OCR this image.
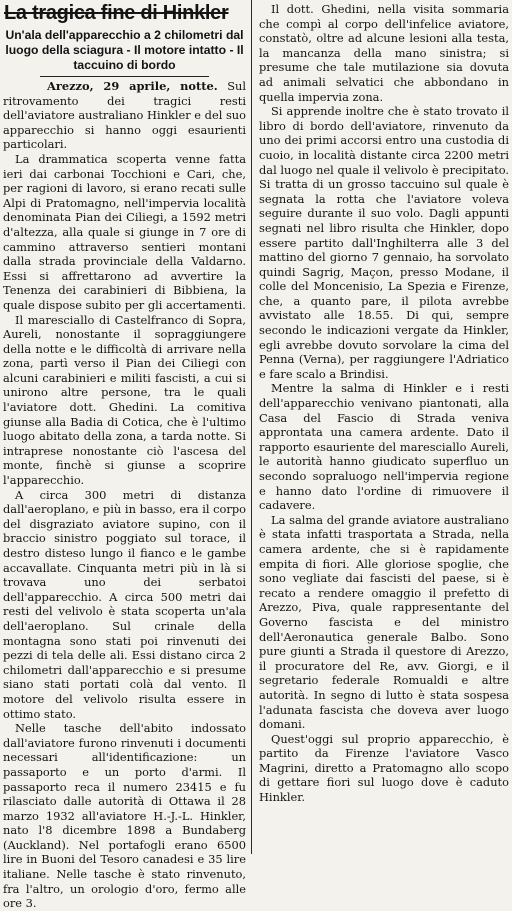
La tragica fine di Hinkler
Un'ala dell'apparecchio a 2 chilometri dal luogo della sciagura - Il motore intatto - Il taccuino di bordo

Arezzo, 29 aprile, notte. Sul ritrovamento dei tragici resti dell'aviatore australiano Hinkler e del suo apparecchio si hanno oggi esaurienti particolari.

La drammatica scoperta venne fatta ieri dai carbonai Tocchioni e Cari, che, per ragioni di lavoro, si erano recati sulle Alpi di Pratomagno, nell'impervia località denominata Pian dei Ciliegi, a 1592 metri d'altezza, alla quale si giunge in 7 ore di cammino attraverso sentieri montani dalla strada provinciale della Valdarno. Essi si affrettarono ad avvertire la Tenenza dei carabinieri di Bibbiena, la quale dispose subito per gli accertamenti.

Il maresciallo di Castelfranco di Sopra, Aureli, nonostante il sopraggiungere della notte e le difficoltà di arrivare nella zona, partì verso il Pian dei Ciliegi con alcuni carabinieri e militi fascisti, a cui si unirono altre persone, tra le quali l'aviatore dott. Ghedini. La comitiva giunse alla Badia di Cotica, che è l'ultimo luogo abitato della zona, a tarda notte. Si intraprese nonostante ciò l'ascesa del monte, finchè si giunse a scoprire l'apparecchio.

A circa 300 metri di distanza dall'aeroplano, e più in basso, era il corpo del disgraziato aviatore supino, con il braccio sinistro poggiato sul torace, il destro disteso lungo il fianco e le gambe accavallate. Cinquanta metri più in là si trovava uno dei serbatoi dell'apparecchio. A circa 500 metri dai resti del velivolo è stata scoperta un'ala dell'aeroplano. Sul crinale della montagna sono stati poi rinvenuti dei pezzi di tela delle ali. Essi distano circa 2 chilometri dall'apparecchio e si presume siano stati portati colà dal vento. Il motore del velivolo risulta essere in ottimo stato.

Nelle tasche dell'abito indossato dall'aviatore furono rinvenuti i documenti necessari all'identificazione: un passaporto e un porto d'armi. Il passaporto reca il numero 23415 e fu rilasciato dalle autorità di Ottawa il 28 marzo 1932 all'aviatore H.-J.-L. Hinkler, nato l'8 dicembre 1898 a Bundaberg (Auckland). Nel portafogli erano 6500 lire in Buoni del Tesoro canadesi e 35 lire italiane. Nelle tasche è stato rinvenuto, fra l'altro, un orologio d'oro, fermo alle ore 3.

Il dott. Ghedini, nella visita sommaria che compì al corpo dell'infelice aviatore, constatò, oltre ad alcune lesioni alla testa, la mancanza della mano sinistra; si presume che tale mutilazione sia dovuta ad animali selvatici che abbondano in quella impervia zona.

Si apprende inoltre che è stato trovato il libro di bordo dell'aviatore, rinvenuto da uno dei primi accorsi entro una custodia di cuoio, in località distante circa 2200 metri dal luogo nel quale il velivolo è precipitato. Si tratta di un grosso taccuino sul quale è segnata la rotta che l'aviatore voleva seguire durante il suo volo. Dagli appunti segnati nel libro risulta che Hinkler, dopo essere partito dall'Inghilterra alle 3 del mattino del giorno 7 gennaio, ha sorvolato quindi Sagrig, Maçon, presso Modane, il colle del Moncenisio, La Spezia e Firenze, che, a quanto pare, il pilota avrebbe avvistato alle 18.55. Di qui, sempre secondo le indicazioni vergate da Hinkler, egli avrebbe dovuto sorvolare la cima del Penna (Verna), per raggiungere l'Adriatico e fare scalo a Brindisi.

Mentre la salma di Hinkler e i resti dell'apparecchio venivano piantonati, alla Casa del Fascio di Strada veniva approntata una camera ardente. Dato il rapporto esauriente del maresciallo Aureli, le autorità hanno giudicato superfluo un secondo sopraluogo nell'impervia regione e hanno dato l'ordine di rimuovere il cadavere.

La salma del grande aviatore australiano è stata infatti trasportata a Strada, nella camera ardente, che si è rapidamente empita di fiori. Alle gloriose spoglie, che sono vegliate dai fascisti del paese, si è recato a rendere omaggio il prefetto di Arezzo, Piva, quale rappresentante del Governo fascista e del ministro dell'Aeronautica generale Balbo. Sono pure giunti a Strada il questore di Arezzo, il procuratore del Re, avv. Giorgi, e il segretario federale Romualdi e altre autorità. In segno di lutto è stata sospesa l'adunata fascista che doveva aver luogo domani.

Quest'oggi sul proprio apparecchio, è partito da Firenze l'aviatore Vasco Magrini, diretto a Pratomagno allo scopo di gettare fiori sul luogo dove è caduto Hinkler.
